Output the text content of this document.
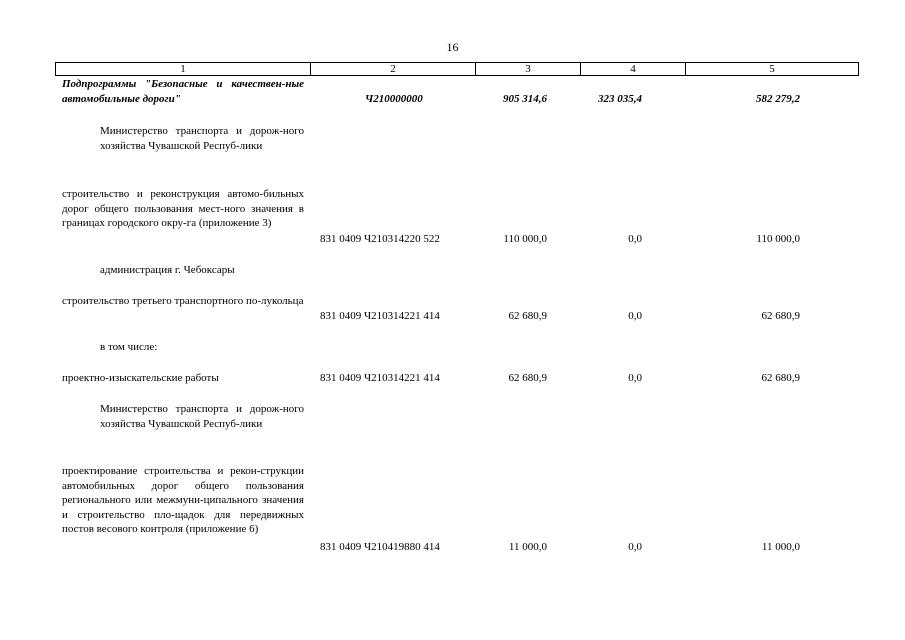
16
1	2	3	4	5
Подпрограммы "Безопасные и качествен-ные автомобильные дороги"	Ч210000000	905 314,6	323 035,4	582 279,2
Министерство транспорта и дорож-ного хозяйства Чувашской Респуб-лики
строительство и реконструкция автомо-бильных дорог общего пользования мест-ного значения в границах городского окру-га (приложение 3)
831 0409 Ч210314220 522	110 000,0	0,0	110 000,0
администрация г. Чебоксары
строительство третьего транспортного по-лукольца
831 0409 Ч210314221 414	62 680,9	0,0	62 680,9
в том числе:
проектно-изыскательские работы	831 0409 Ч210314221 414	62 680,9	0,0	62 680,9
Министерство транспорта и дорож-ного хозяйства Чувашской Респуб-лики
проектирование строительства и рекон-струкции автомобильных дорог общего пользования регионального или межмуни-ципального значения и строительство пло-щадок для передвижных постов весового контроля (приложение 6)
831 0409 Ч210419880 414	11 000,0	0,0	11 000,0
